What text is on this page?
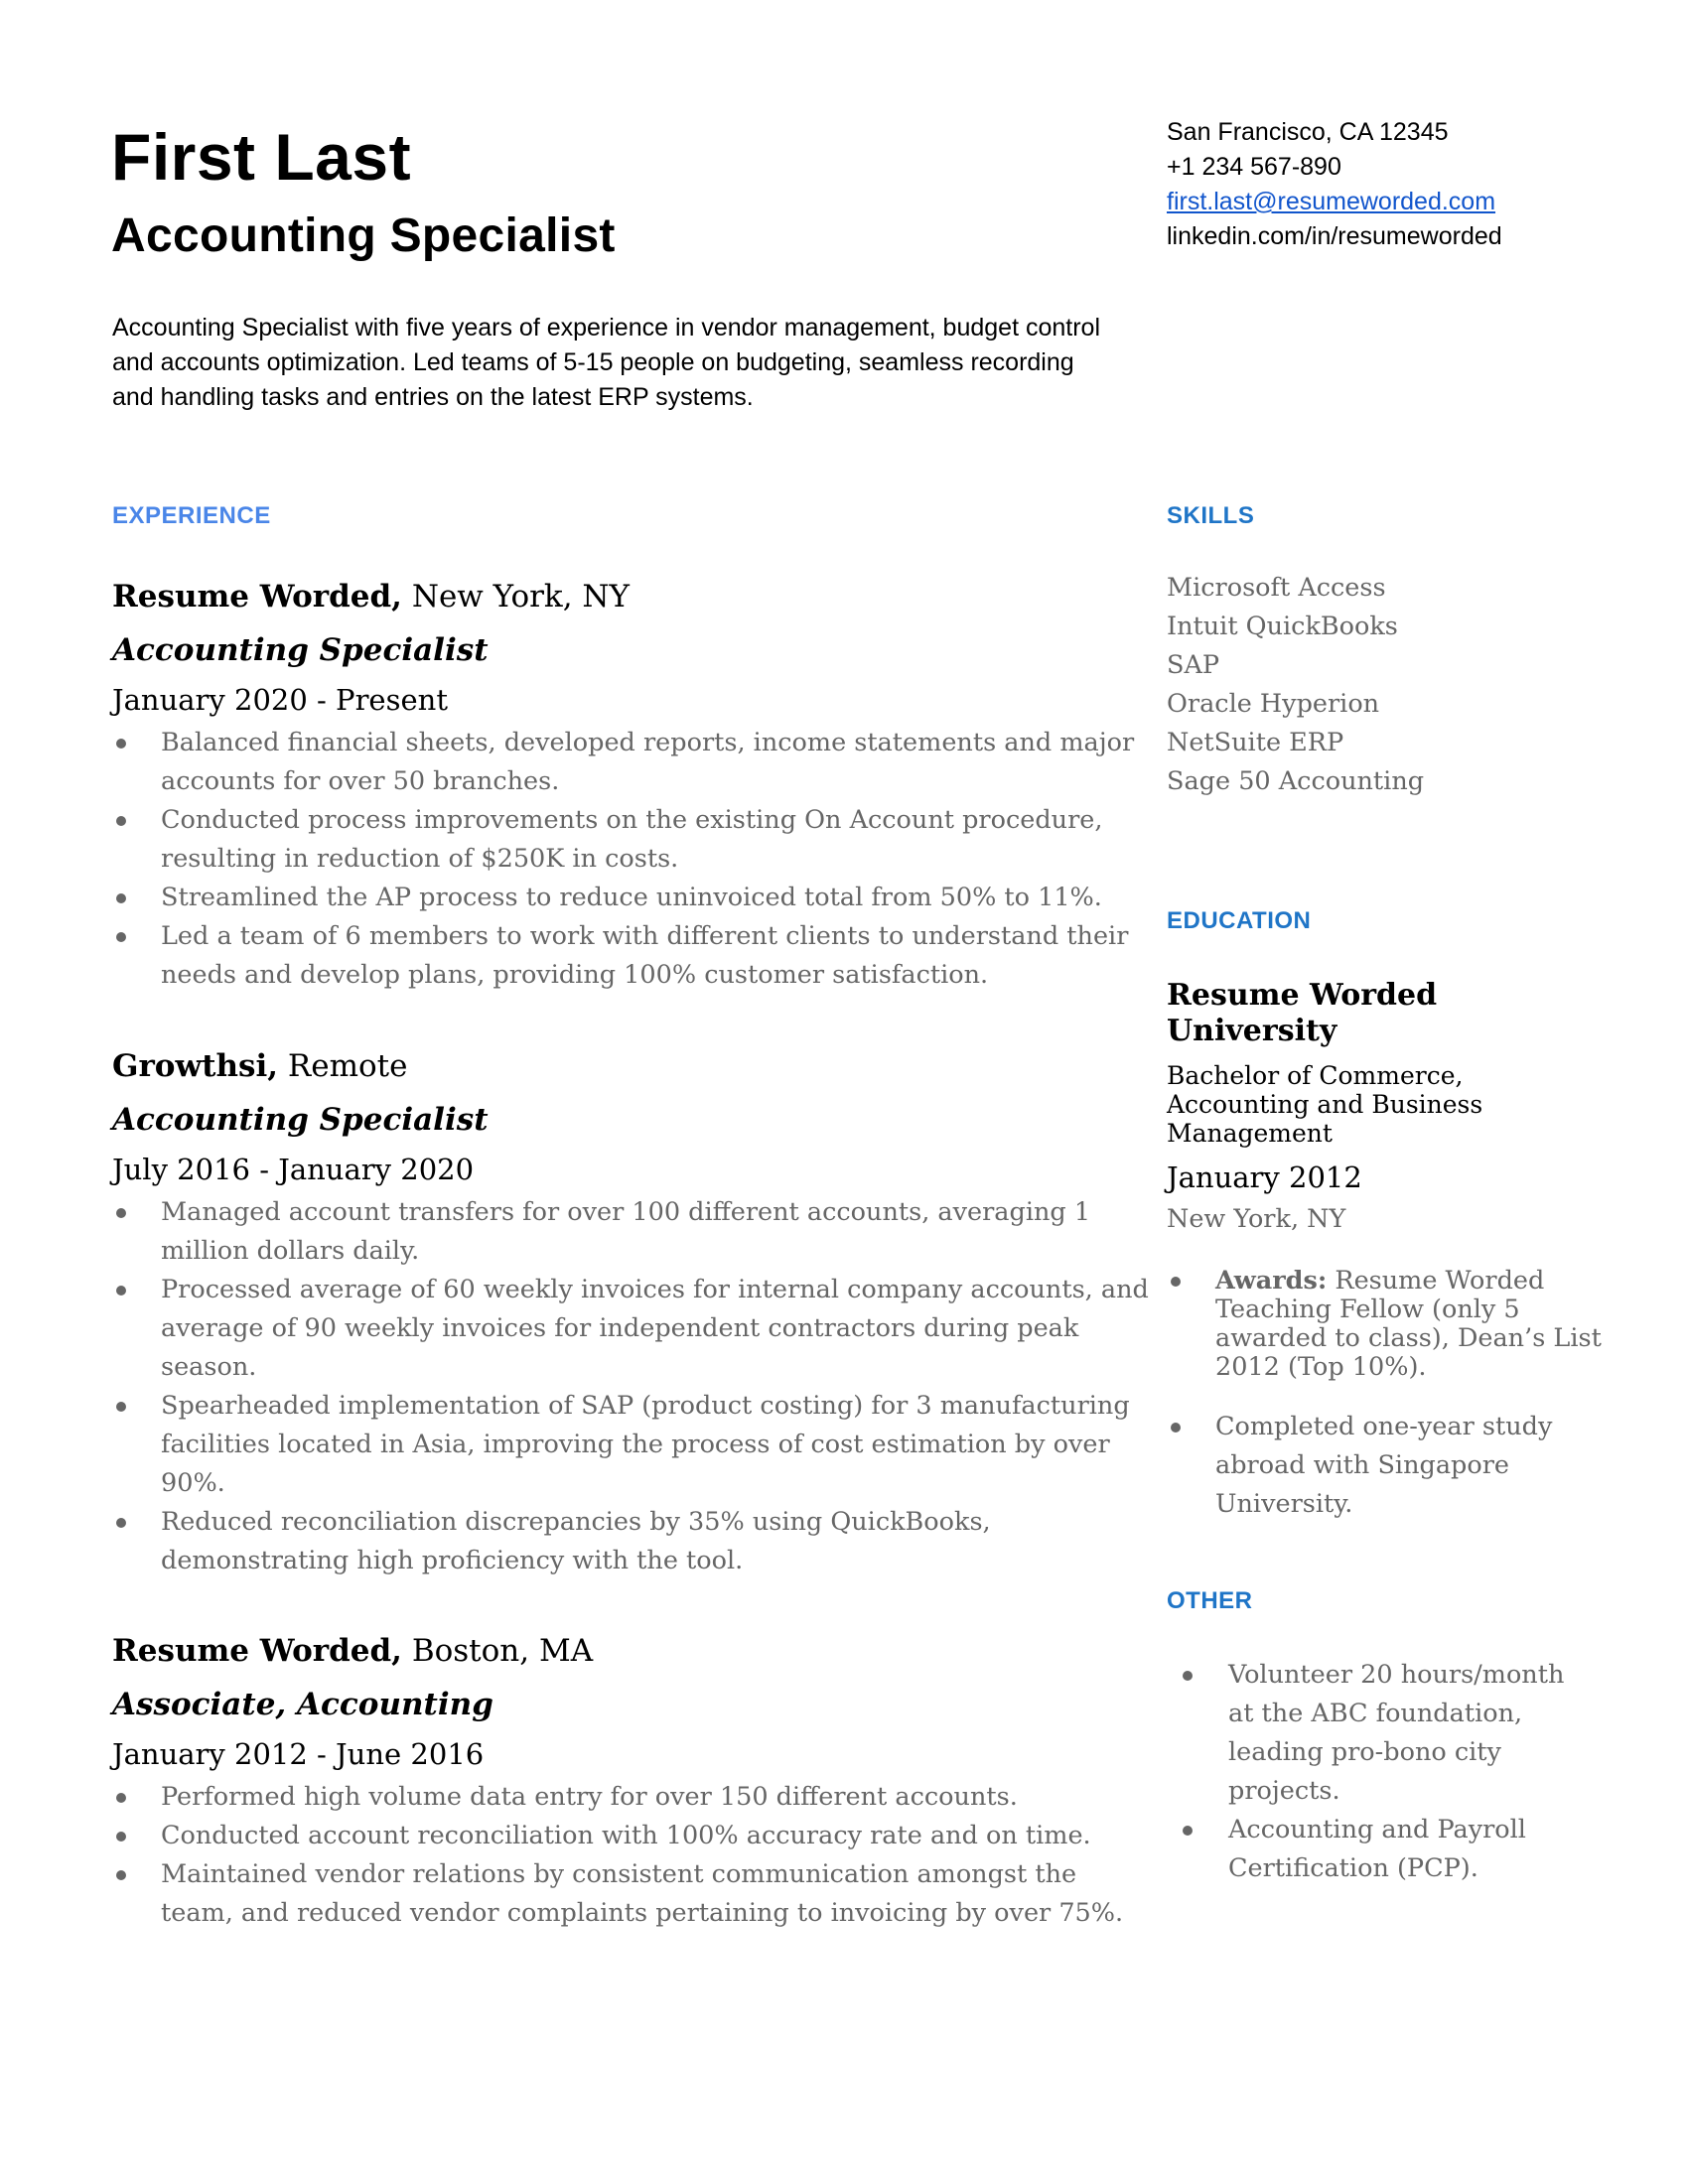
First Last
Accounting Specialist
San Francisco, CA 12345
+1 234 567-890
first.last@resumeworded.com
linkedin.com/in/resumeworded
Accounting Specialist with five years of experience in vendor management, budget control and accounts optimization. Led teams of 5-15 people on budgeting, seamless recording and handling tasks and entries on the latest ERP systems.
EXPERIENCE	SKILLS
EDUCATION
OTHER
Resume Worded, New York, NY
Accounting Specialist
January 2020 - Present
Balanced financial sheets, developed reports, income statements and major accounts for over 50 branches.
Conducted process improvements on the existing On Account procedure, resulting in reduction of $250K in costs.
Streamlined the AP process to reduce uninvoiced total from 50% to 11%.
Led a team of 6 members to work with different clients to understand their needs and develop plans, providing 100% customer satisfaction.
Growthsi, Remote
Accounting Specialist
July 2016 - January 2020
Managed account transfers for over 100 different accounts, averaging 1 million dollars daily.
Processed average of 60 weekly invoices for internal company accounts, and average of 90 weekly invoices for independent contractors during peak season.
Spearheaded implementation of SAP (product costing) for 3 manufacturing facilities located in Asia, improving the process of cost estimation by over 90%.
Reduced reconciliation discrepancies by 35% using QuickBooks, demonstrating high proficiency with the tool.
Resume Worded, Boston, MA
Associate, Accounting
January 2012 - June 2016
Performed high volume data entry for over 150 different accounts.
Conducted account reconciliation with 100% accuracy rate and on time.
Maintained vendor relations by consistent communication amongst the team, and reduced vendor complaints pertaining to invoicing by over 75%.
Microsoft Access
Intuit QuickBooks
SAP
Oracle Hyperion
NetSuite ERP
Sage 50 Accounting
Resume Worded University
Bachelor of Commerce, Accounting and Business Management
January 2012
New York, NY
Awards: Resume Worded Teaching Fellow (only 5 awarded to class), Dean’s List 2012 (Top 10%).
Completed one-year study abroad with Singapore University.
Volunteer 20 hours/month at the ABC foundation, leading pro-bono city projects.
Accounting and Payroll Certification (PCP).
